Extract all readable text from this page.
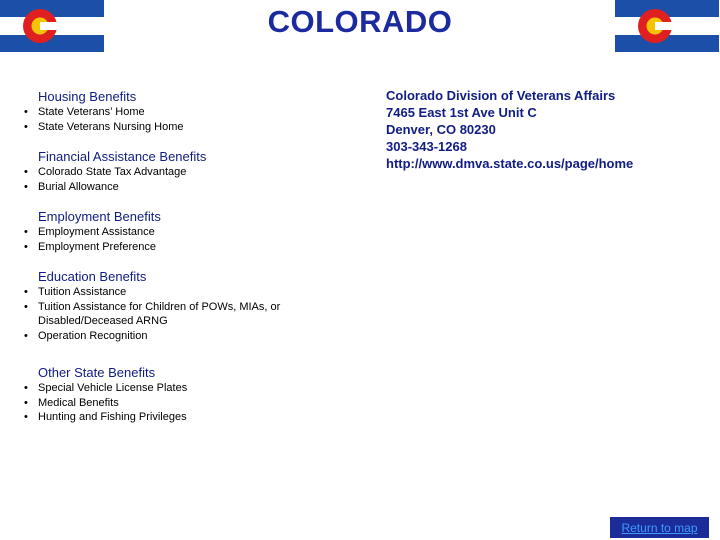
COLORADO
Housing Benefits
• State Veterans’ Home
• State Veterans Nursing Home
Financial Assistance Benefits
• Colorado State Tax Advantage
• Burial Allowance
Employment Benefits
• Employment Assistance
• Employment Preference
Education Benefits
• Tuition Assistance
• Tuition Assistance for Children of POWs, MIAs, or Disabled/Deceased ARNG
• Operation Recognition
Other State Benefits
• Special Vehicle License Plates
• Medical Benefits
• Hunting and Fishing Privileges
Colorado Division of Veterans Affairs
7465 East 1st Ave Unit C
Denver, CO 80230
303-343-1268
http://www.dmva.state.co.us/page/home
Return to map
